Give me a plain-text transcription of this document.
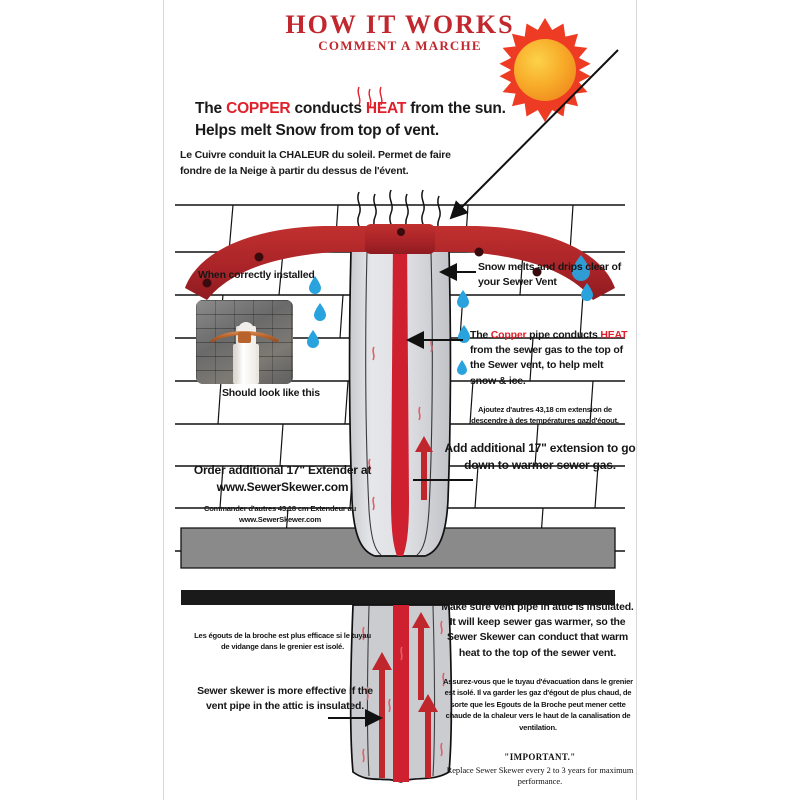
HOW IT WORKS
COMMENT A MARCHE
The COPPER conducts HEAT from the sun.
Helps melt Snow from top of vent.
Le Cuivre conduit la CHALEUR du soleil. Permet de faire fondre de la Neige à partir du dessus de l'évent.
When correctly installed
Should look like this
Snow melts and drips clear of your Sewer Vent
The Copper pipe conducts HEAT from the sewer gas to the top of the Sewer vent, to help melt snow & ice.
Ajoutez d'autres 43,18 cm extension de descendre à des températures gaz d'égout.
Add additional 17" extension to go down to warmer sewer gas.
Order additional 17" Extender at
www.SewerSkewer.com
Commander d'autres 43,18 cm Extendeur au
www.SewerSkewer.com
Make sure vent pipe in attic is insulated. It will keep sewer gas warmer, so the Sewer Skewer can conduct that warm heat to the top of the sewer vent.
Assurez-vous que le tuyau d'évacuation dans le grenier est isolé. Il va garder les gaz d'égout de plus chaud, de sorte que les Egouts de la Broche peut mener cette chaude de la chaleur vers le haut de la canalisation de ventilation.
Les égouts de la broche est plus efficace si le tuyau de vidange dans le grenier est isolé.
Sewer skewer is more effective if the vent pipe in the attic is insulated.
"IMPORTANT."
Replace Sewer Skewer every 2 to 3 years for maximum performance.
